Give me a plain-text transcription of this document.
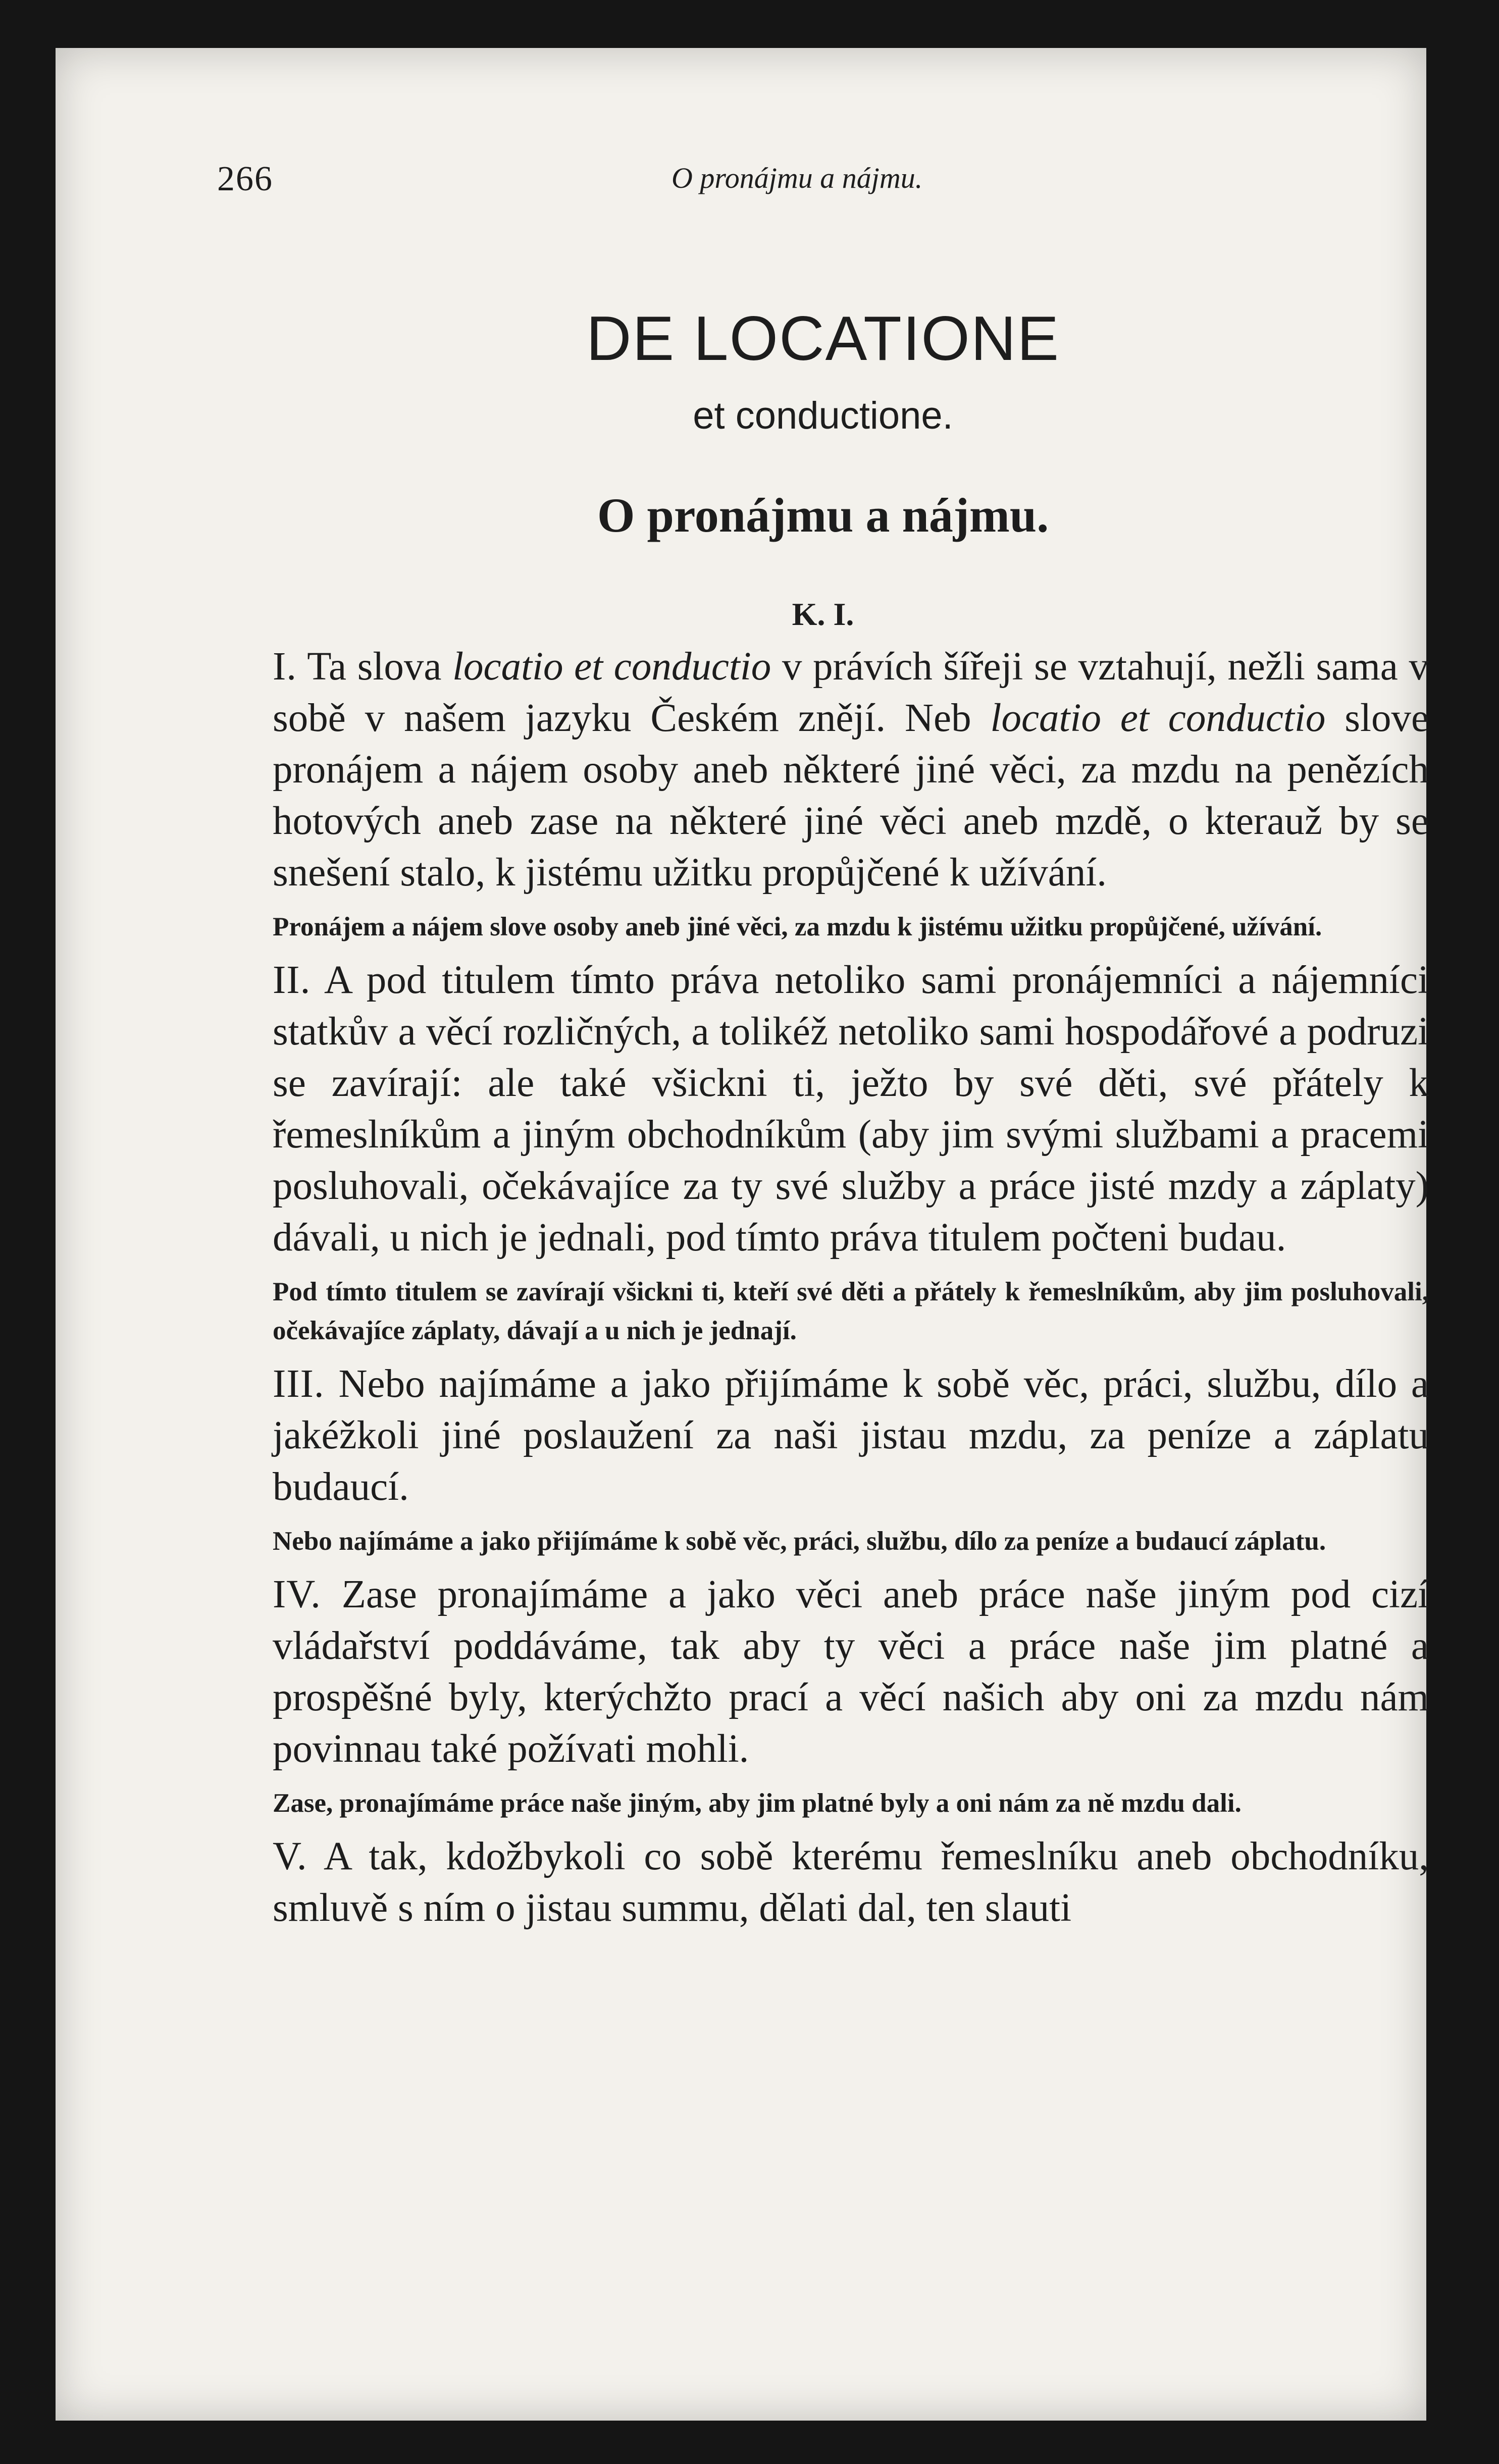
266	O pronájmu a nájmu.
DE LOCATIONE
et conductione.
O pronájmu a nájmu.
K. I.

I. Ta slova locatio et conductio v právích šířeji se vztahují, nežli sama v sobě v našem jazyku Českém znějí. Neb locatio et conductio slove pronájem a nájem osoby aneb některé jiné věci, za mzdu na penězích hotových aneb zase na některé jiné věci aneb mzdě, o kterauž by se snešení stalo, k jistému užitku propůjčené k užívání.

Pronájem a nájem slove osoby aneb jiné věci, za mzdu k jistému užitku propůjčené, užívání.

II. A pod titulem tímto práva netoliko sami pronájemníci a nájemníci statkův a věcí rozličných, a tolikéž netoliko sami hospodářové a podruzi se zavírají: ale také všickni ti, ježto by své děti, své přátely k řemeslníkům a jiným obchodníkům (aby jim svými službami a pracemi posluhovali, očekávajíce za ty své služby a práce jisté mzdy a záplaty) dávali, u nich je jednali, pod tímto práva titulem počteni budau.

Pod tímto titulem se zavírají všickni ti, kteří své děti a přátely k řemeslníkům, aby jim posluhovali, očekávajíce záplaty, dávají a u nich je jednají.

III. Nebo najímáme a jako přijímáme k sobě věc, práci, službu, dílo a jakéžkoli jiné poslaužení za naši jistau mzdu, za peníze a záplatu budaucí.

Nebo najímáme a jako přijímáme k sobě věc, práci, službu, dílo za peníze a budaucí záplatu.

IV. Zase pronajímáme a jako věci aneb práce naše jiným pod cizí vládařství poddáváme, tak aby ty věci a práce naše jim platné a prospěšné byly, kterýchžto prací a věcí našich aby oni za mzdu nám povinnau také požívati mohli.

Zase, pronajímáme práce naše jiným, aby jim platné byly a oni nám za ně mzdu dali.

V. A tak, kdožbykoli co sobě kterému řemeslníku aneb obchodníku, smluvě s ním o jistau summu, dělati dal, ten slauti
